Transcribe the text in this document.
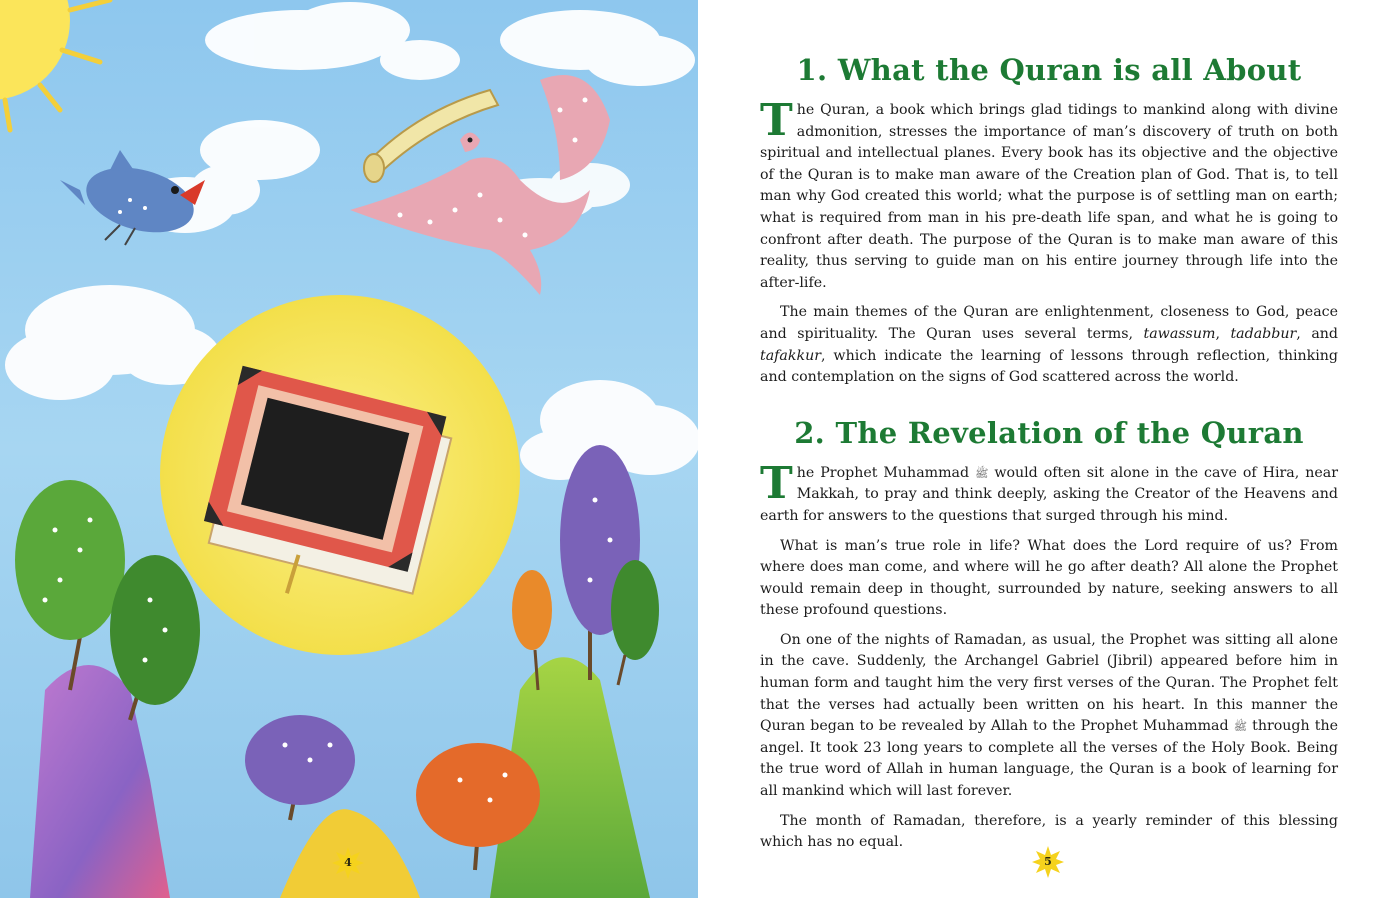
4
1. What the Quran is all About

The Quran, a book which brings glad tidings to mankind along with divine admonition, stresses the importance of man’s discovery of truth on both spiritual and intellectual planes. Every book has its objective and the objective of the Quran is to make man aware of the Creation plan of God. That is, to tell man why God created this world; what the purpose is of settling man on earth; what is required from man in his pre-death life span, and what he is going to confront after death. The purpose of the Quran is to make man aware of this reality, thus serving to guide man on his entire journey through life into the after-life.

The main themes of the Quran are enlightenment, closeness to God, peace and spirituality. The Quran uses several terms, tawassum, tadabbur, and tafakkur, which indicate the learning of lessons through reflection, thinking and contemplation on the signs of God scattered across the world.

2. The Revelation of the Quran

The Prophet Muhammad ﷺ would often sit alone in the cave of Hira, near Makkah, to pray and think deeply, asking the Creator of the Heavens and earth for answers to the questions that surged through his mind.

What is man’s true role in life? What does the Lord require of us? From where does man come, and where will he go after death? All alone the Prophet would remain deep in thought, surrounded by nature, seeking answers to all these profound questions.

On one of the nights of Ramadan, as usual, the Prophet was sitting all alone in the cave. Suddenly, the Archangel Gabriel (Jibril) appeared before him in human form and taught him the very first verses of the Quran. The Prophet felt that the verses had actually been written on his heart. In this manner the Quran began to be revealed by Allah to the Prophet Muhammad ﷺ through the angel. It took 23 long years to complete all the verses of the Holy Book. Being the true word of Allah in human language, the Quran is a book of learning for all mankind which will last forever.

The month of Ramadan, therefore, is a yearly reminder of this blessing which has no equal.

5
